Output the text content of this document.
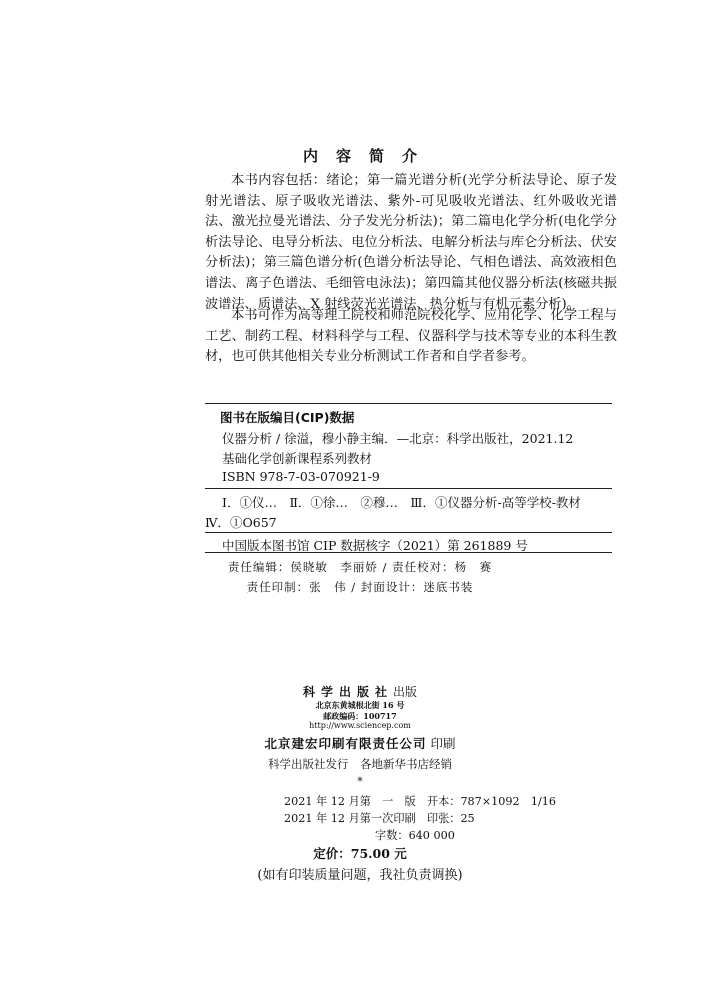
内容简介

本书内容包括：绪论；第一篇光谱分析(光学分析法导论、原子发射光谱法、原子吸收光谱法、紫外-可见吸收光谱法、红外吸收光谱法、激光拉曼光谱法、分子发光分析法)；第二篇电化学分析(电化学分析法导论、电导分析法、电位分析法、电解分析法与库仑分析法、伏安分析法)；第三篇色谱分析(色谱分析法导论、气相色谱法、高效液相色谱法、离子色谱法、毛细管电泳法)；第四篇其他仪器分析法(核磁共振波谱法、质谱法、X 射线荧光光谱法、热分析与有机元素分析)。

本书可作为高等理工院校和师范院校化学、应用化学、化学工程与工艺、制药工程、材料科学与工程、仪器科学与技术等专业的本科生教材，也可供其他相关专业分析测试工作者和自学者参考。

图书在版编目(CIP)数据
仪器分析 / 徐溢，穆小静主编．—北京：科学出版社，2021.12
基础化学创新课程系列教材
ISBN 978-7-03-070921-9
Ⅰ．①仪…　Ⅱ．①徐…　②穆…　Ⅲ．①仪器分析-高等学校-教材
Ⅳ．①O657
中国版本图书馆 CIP 数据核字（2021）第 261889 号
责任编辑：侯晓敏　李丽娇 / 责任校对：杨　赛
责任印制：张　伟 / 封面设计：迷底书装
科学出版社出版
北京东黄城根北街 16 号
邮政编码：100717
http://www.sciencep.com
北京建宏印刷有限责任公司 印刷
科学出版社发行　各地新华书店经销
*
2021 年 12 月第　一　版　开本：787×1092　1/16
2021 年 12 月第一次印刷　印张：25
字数：640 000
定价：75.00 元
(如有印装质量问题，我社负责调换)
